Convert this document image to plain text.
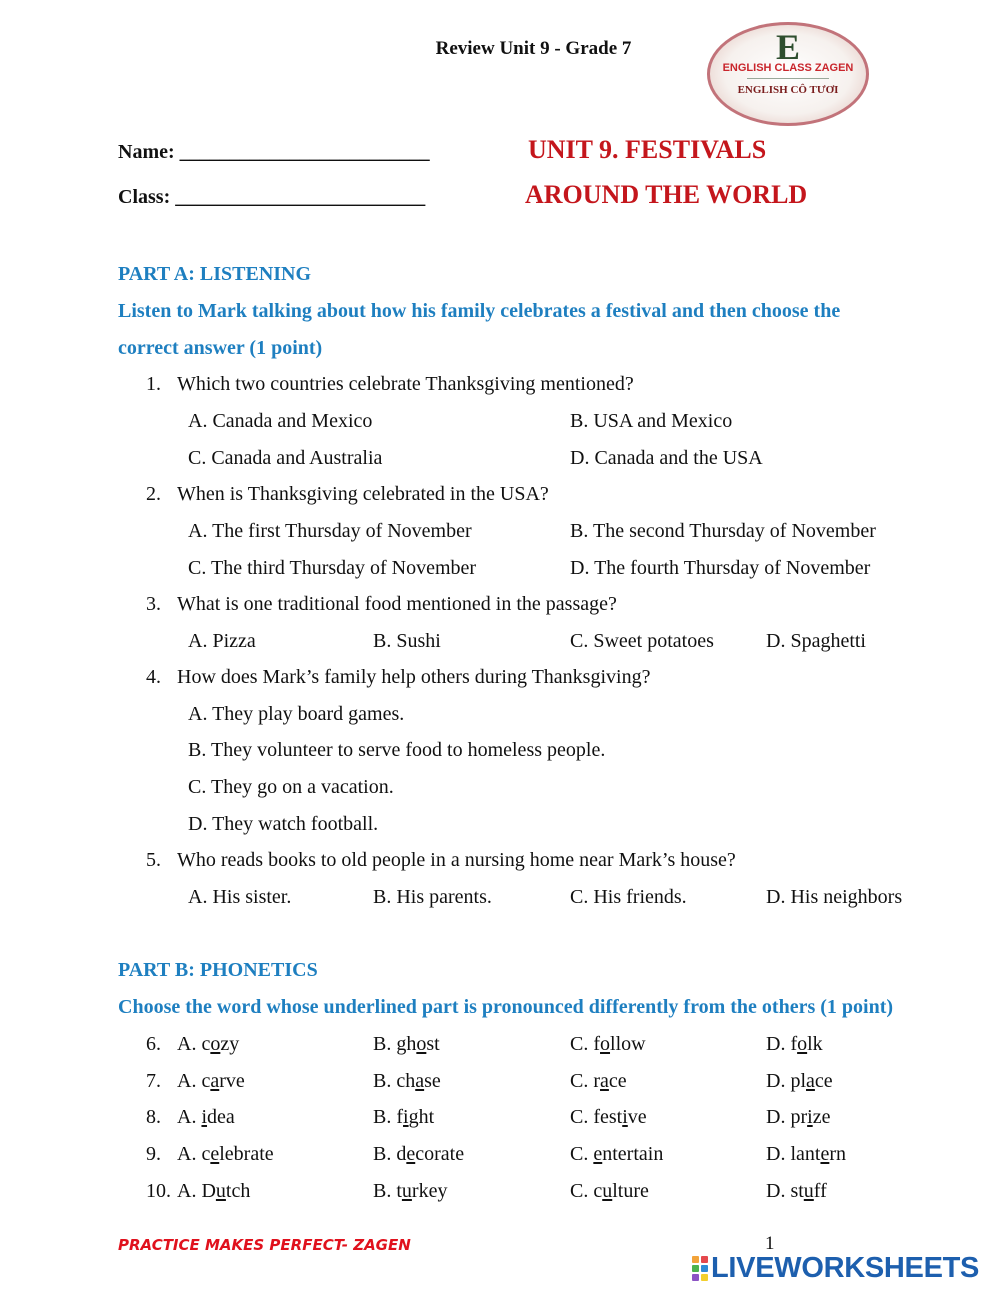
Review Unit 9 - Grade 7	E
ENGLISH CLASS ZAGEN
ENGLISH CÔ TƯƠI
Name: _________________________
Class: _________________________
UNIT 9. FESTIVALS
AROUND THE WORLD
PART A: LISTENING
Listen to Mark talking about how his family celebrates a festival and then choose the
correct answer (1 point)
1. Which two countries celebrate Thanksgiving mentioned?
A. Canada and Mexico	B. USA and Mexico
C. Canada and Australia	D. Canada and the USA
2. When is Thanksgiving celebrated in the USA?
A. The first Thursday of November	B. The second Thursday of November
C. The third Thursday of November	D. The fourth Thursday of November
3. What is one traditional food mentioned in the passage?
A. Pizza	B. Sushi	C. Sweet potatoes	D. Spaghetti
4. How does Mark’s family help others during Thanksgiving?
A. They play board games.
B. They volunteer to serve food to homeless people.
C. They go on a vacation.
D. They watch football.
5. Who reads books to old people in a nursing home near Mark’s house?
A. His sister.	B. His parents.	C. His friends.	D. His neighbors
PART B: PHONETICS
Choose the word whose underlined part is pronounced differently from the others (1 point)
6. A. cozy	B. ghost	C. follow	D. folk
7. A. carve	B. chase	C. race	D. place
8. A. idea	B. fight	C. festive	D. prize
9. A. celebrate	B. decorate	C. entertain	D. lantern
10. A. Dutch	B. turkey	C. culture	D. stuff
PRACTICE MAKES PERFECT- ZAGEN	1
LIVEWORKSHEETS
